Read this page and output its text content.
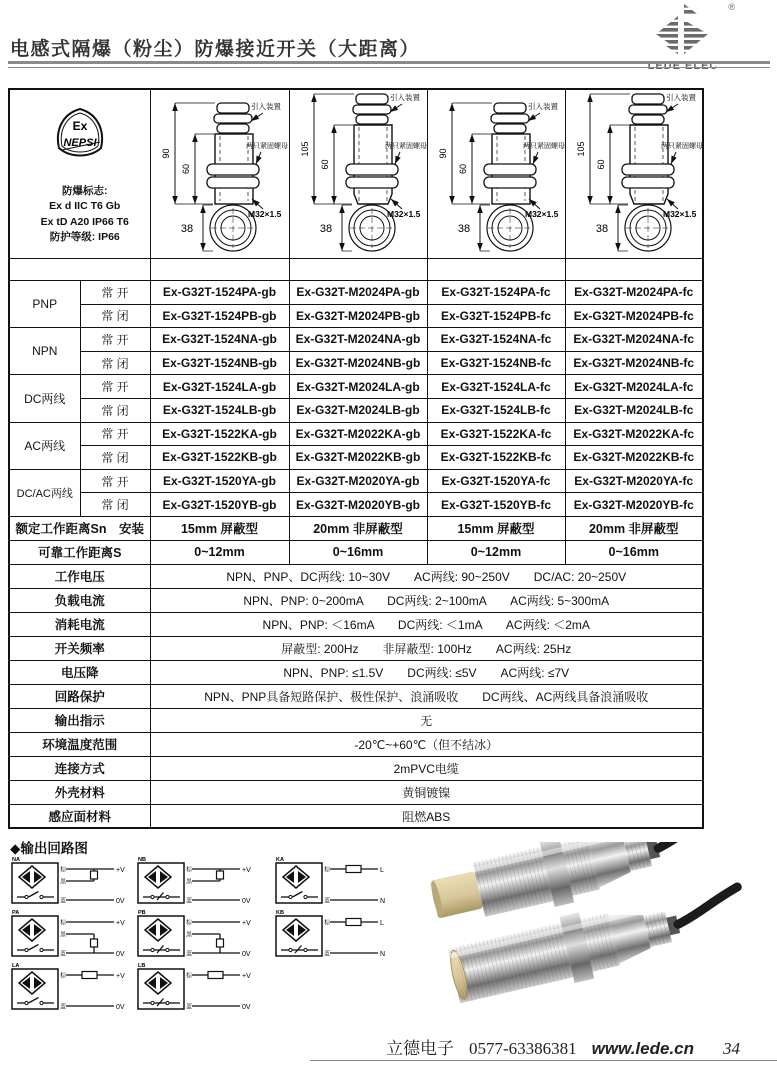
电感式隔爆（粉尘）防爆接近开关（大距离）
®
LEDE ELEC
Ex
NEPSI
防爆标志:
Ex d IIC T6 Gb
Ex tD A20 IP66 T6
防护等级: IP66

90
60
引入装置
两只紧固螺母
M32×1.5
38

105
60
引入装置
两只紧固螺母
M32×1.5
38

90
60
引入装置
两只紧固螺母
M32×1.5
38

105
60
引入装置
两只紧固螺母
M32×1.5
38

PNP	常 开	Ex-G32T-1524PA-gb	Ex-G32T-M2024PA-gb	Ex-G32T-1524PA-fc	Ex-G32T-M2024PA-fc
	常 闭	Ex-G32T-1524PB-gb	Ex-G32T-M2024PB-gb	Ex-G32T-1524PB-fc	Ex-G32T-M2024PB-fc
NPN	常 开	Ex-G32T-1524NA-gb	Ex-G32T-M2024NA-gb	Ex-G32T-1524NA-fc	Ex-G32T-M2024NA-fc
	常 闭	Ex-G32T-1524NB-gb	Ex-G32T-M2024NB-gb	Ex-G32T-1524NB-fc	Ex-G32T-M2024NB-fc
DC两线	常 开	Ex-G32T-1524LA-gb	Ex-G32T-M2024LA-gb	Ex-G32T-1524LA-fc	Ex-G32T-M2024LA-fc
	常 闭	Ex-G32T-1524LB-gb	Ex-G32T-M2024LB-gb	Ex-G32T-1524LB-fc	Ex-G32T-M2024LB-fc
AC两线	常 开	Ex-G32T-1522KA-gb	Ex-G32T-M2022KA-gb	Ex-G32T-1522KA-fc	Ex-G32T-M2022KA-fc
	常 闭	Ex-G32T-1522KB-gb	Ex-G32T-M2022KB-gb	Ex-G32T-1522KB-fc	Ex-G32T-M2022KB-fc
DC/AC两线	常 开	Ex-G32T-1520YA-gb	Ex-G32T-M2020YA-gb	Ex-G32T-1520YA-fc	Ex-G32T-M2020YA-fc
	常 闭	Ex-G32T-1520YB-gb	Ex-G32T-M2020YB-gb	Ex-G32T-1520YB-fc	Ex-G32T-M2020YB-fc
额定工作距离Sn　安装		15mm 屏蔽型	20mm 非屏蔽型	15mm 屏蔽型	20mm 非屏蔽型
可靠工作距离S		0~12mm	0~16mm	0~12mm	0~16mm
工作电压		NPN、PNP、DC两线: 10~30V　　AC两线: 90~250V　　DC/AC: 20~250V			
负载电流		NPN、PNP: 0~200mA　　DC两线: 2~100mA　　AC两线: 5~300mA			
消耗电流		NPN、PNP: ＜16mA　　DC两线: ＜1mA　　AC两线: ＜2mA			
开关频率		屏蔽型: 200Hz　　非屏蔽型: 100Hz　　AC两线: 25Hz			
电压降		NPN、PNP: ≤1.5V　　DC两线: ≤5V　　AC两线: ≤7V			
回路保护		NPN、PNP具备短路保护、极性保护、浪涌吸收　　DC两线、AC两线具备浪涌吸收			
输出指示		无			
环境温度范围		-20℃~+60℃（但不结冰）			
连接方式		2mPVC电缆			
外壳材料		黄铜镀镍			
感应面材料		阻燃ABS			
◆输出回路图
NA
棕
黑
蓝
+V
0V
NB
棕
黑
蓝
+V
0V
KA
棕
蓝
L
N
PA
棕
黑
蓝
+V
0V
PB
棕
黑
蓝
+V
0V
KB
棕
蓝
L
N
LA
棕
蓝
+V
0V
LB
棕
蓝
+V
0V
立德电子 0577-63386381 www.lede.cn 34
